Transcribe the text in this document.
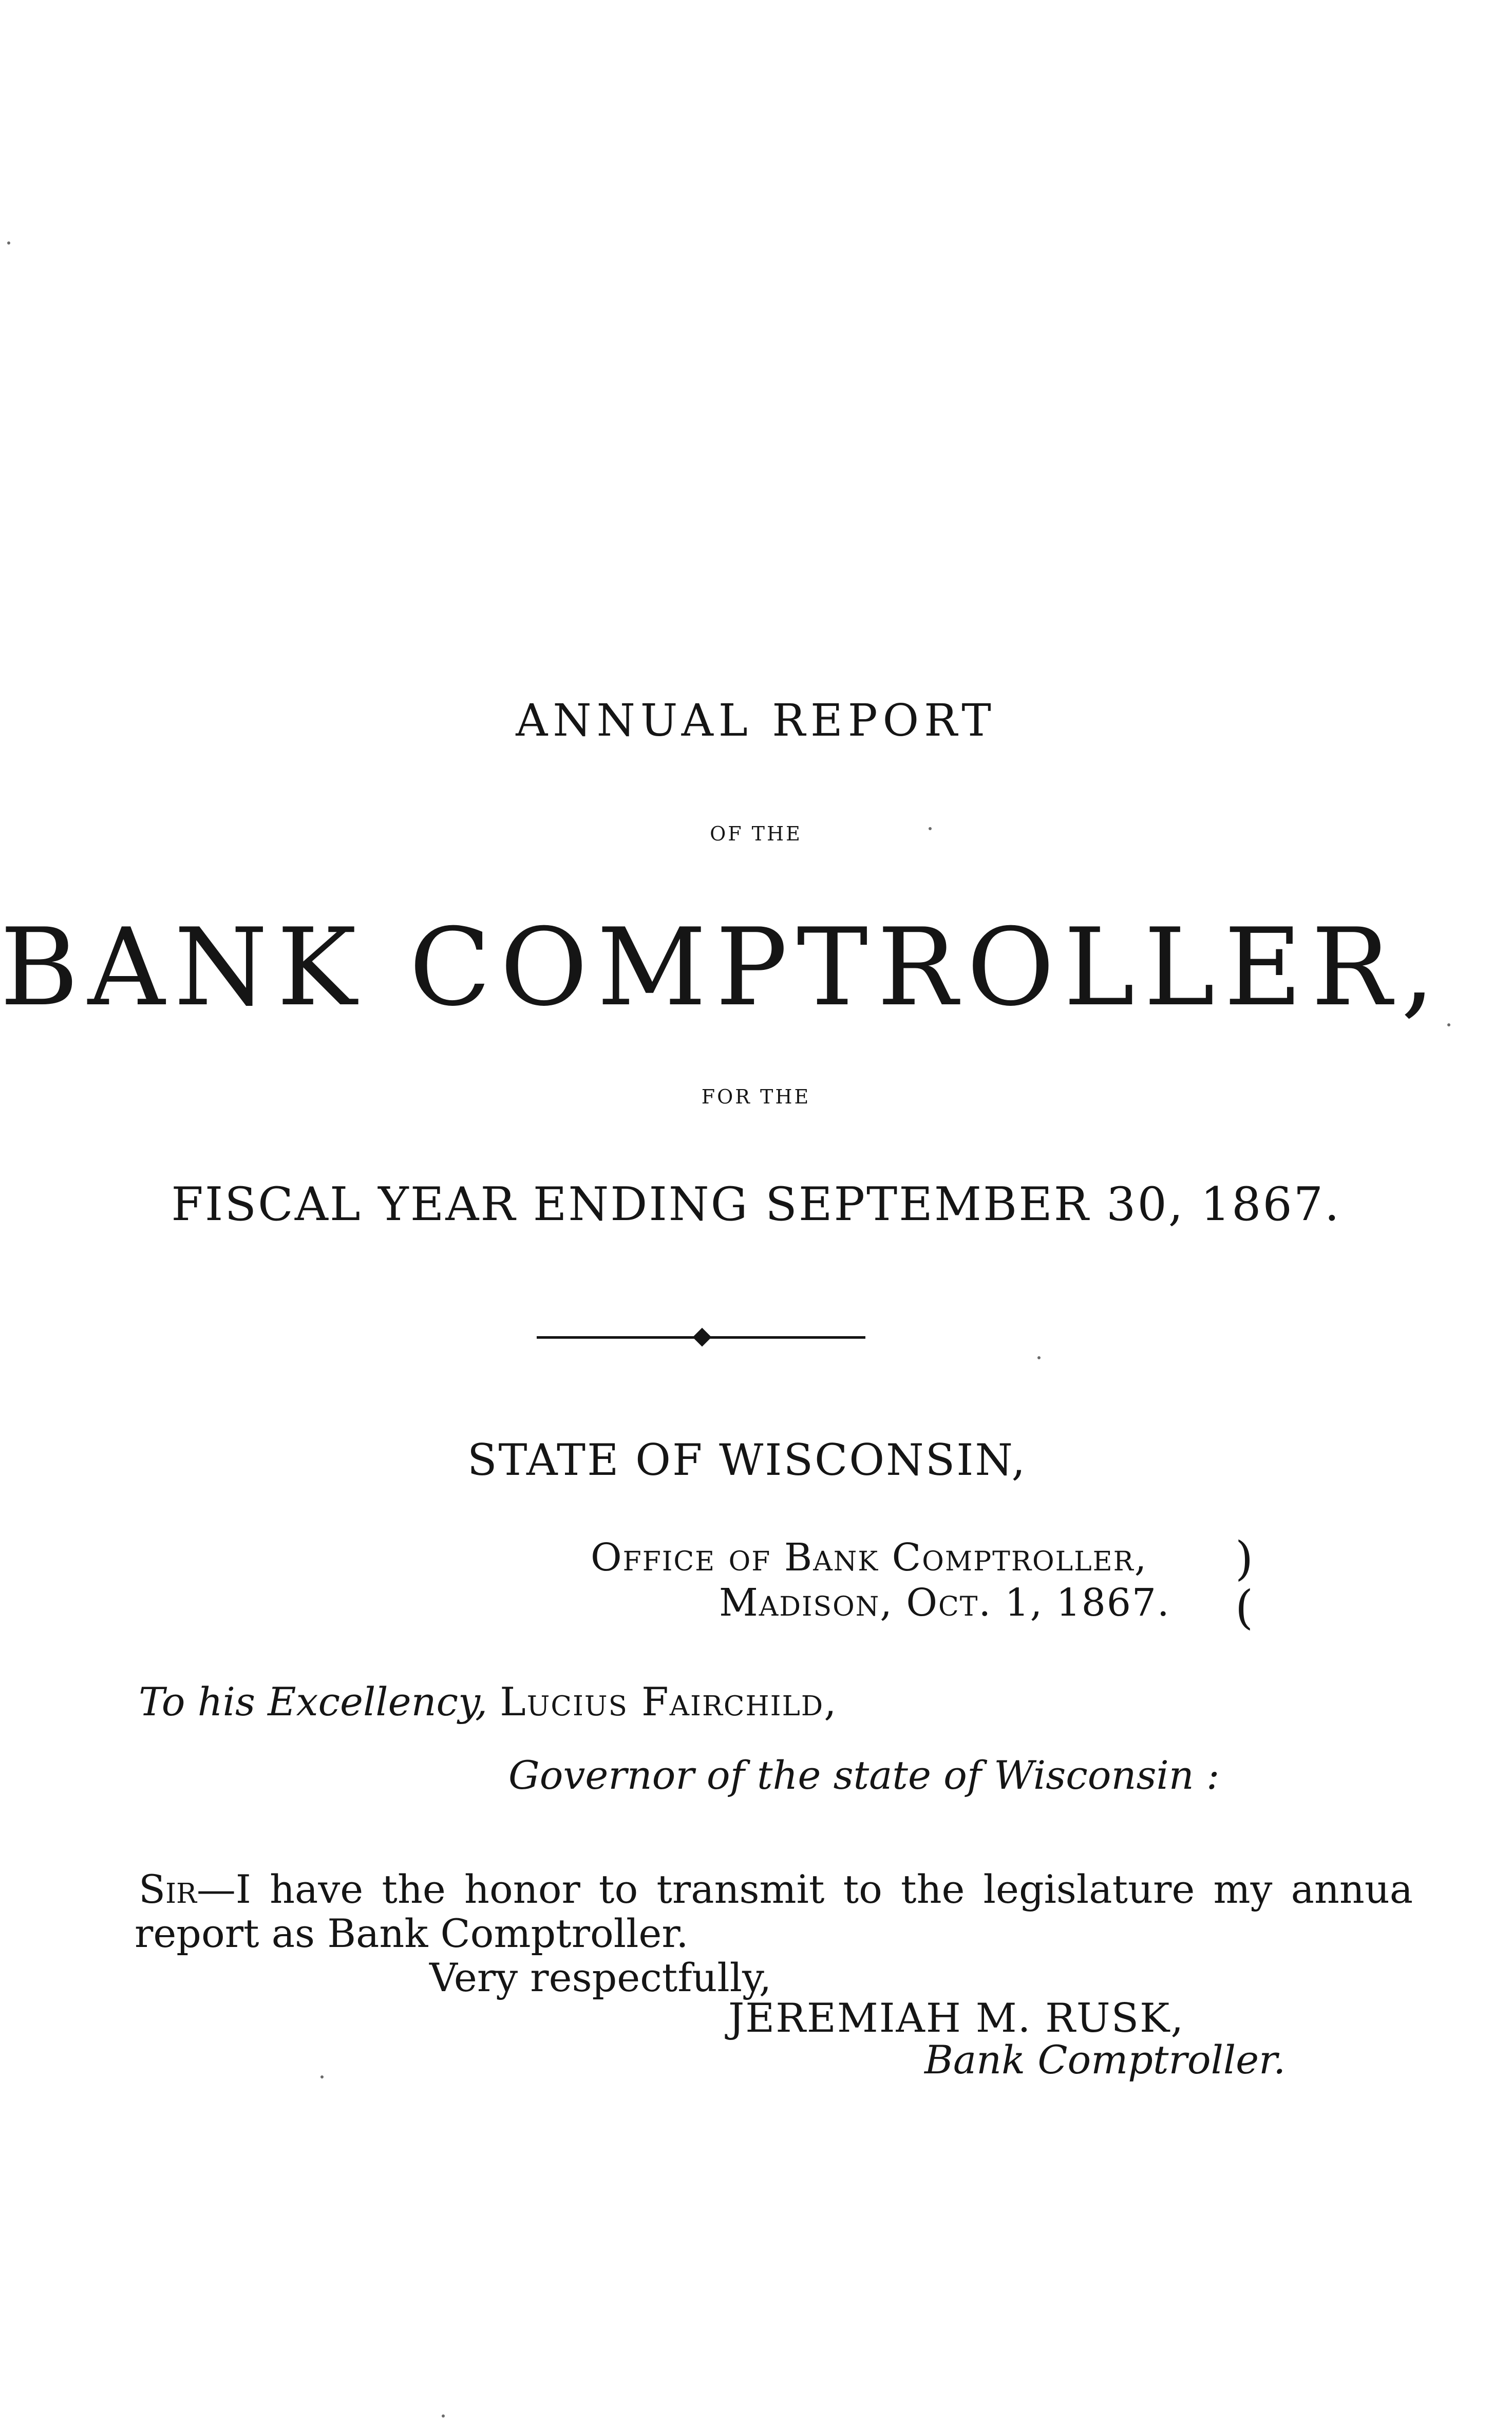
ANNUAL REPORT
OF THE
BANK COMPTROLLER,
FOR THE
FISCAL YEAR ENDING SEPTEMBER 30, 1867.
STATE OF WISCONSIN,
Office of Bank Comptroller,
Madison, Oct. 1, 1867.
)
(
To his Excellency, Lucius Fairchild,
Governor of the state of Wisconsin :
Sir—I have the honor to transmit to the legislature my annua
report as Bank Comptroller.
Very respectfully,
JEREMIAH M. RUSK,
Bank Comptroller.
